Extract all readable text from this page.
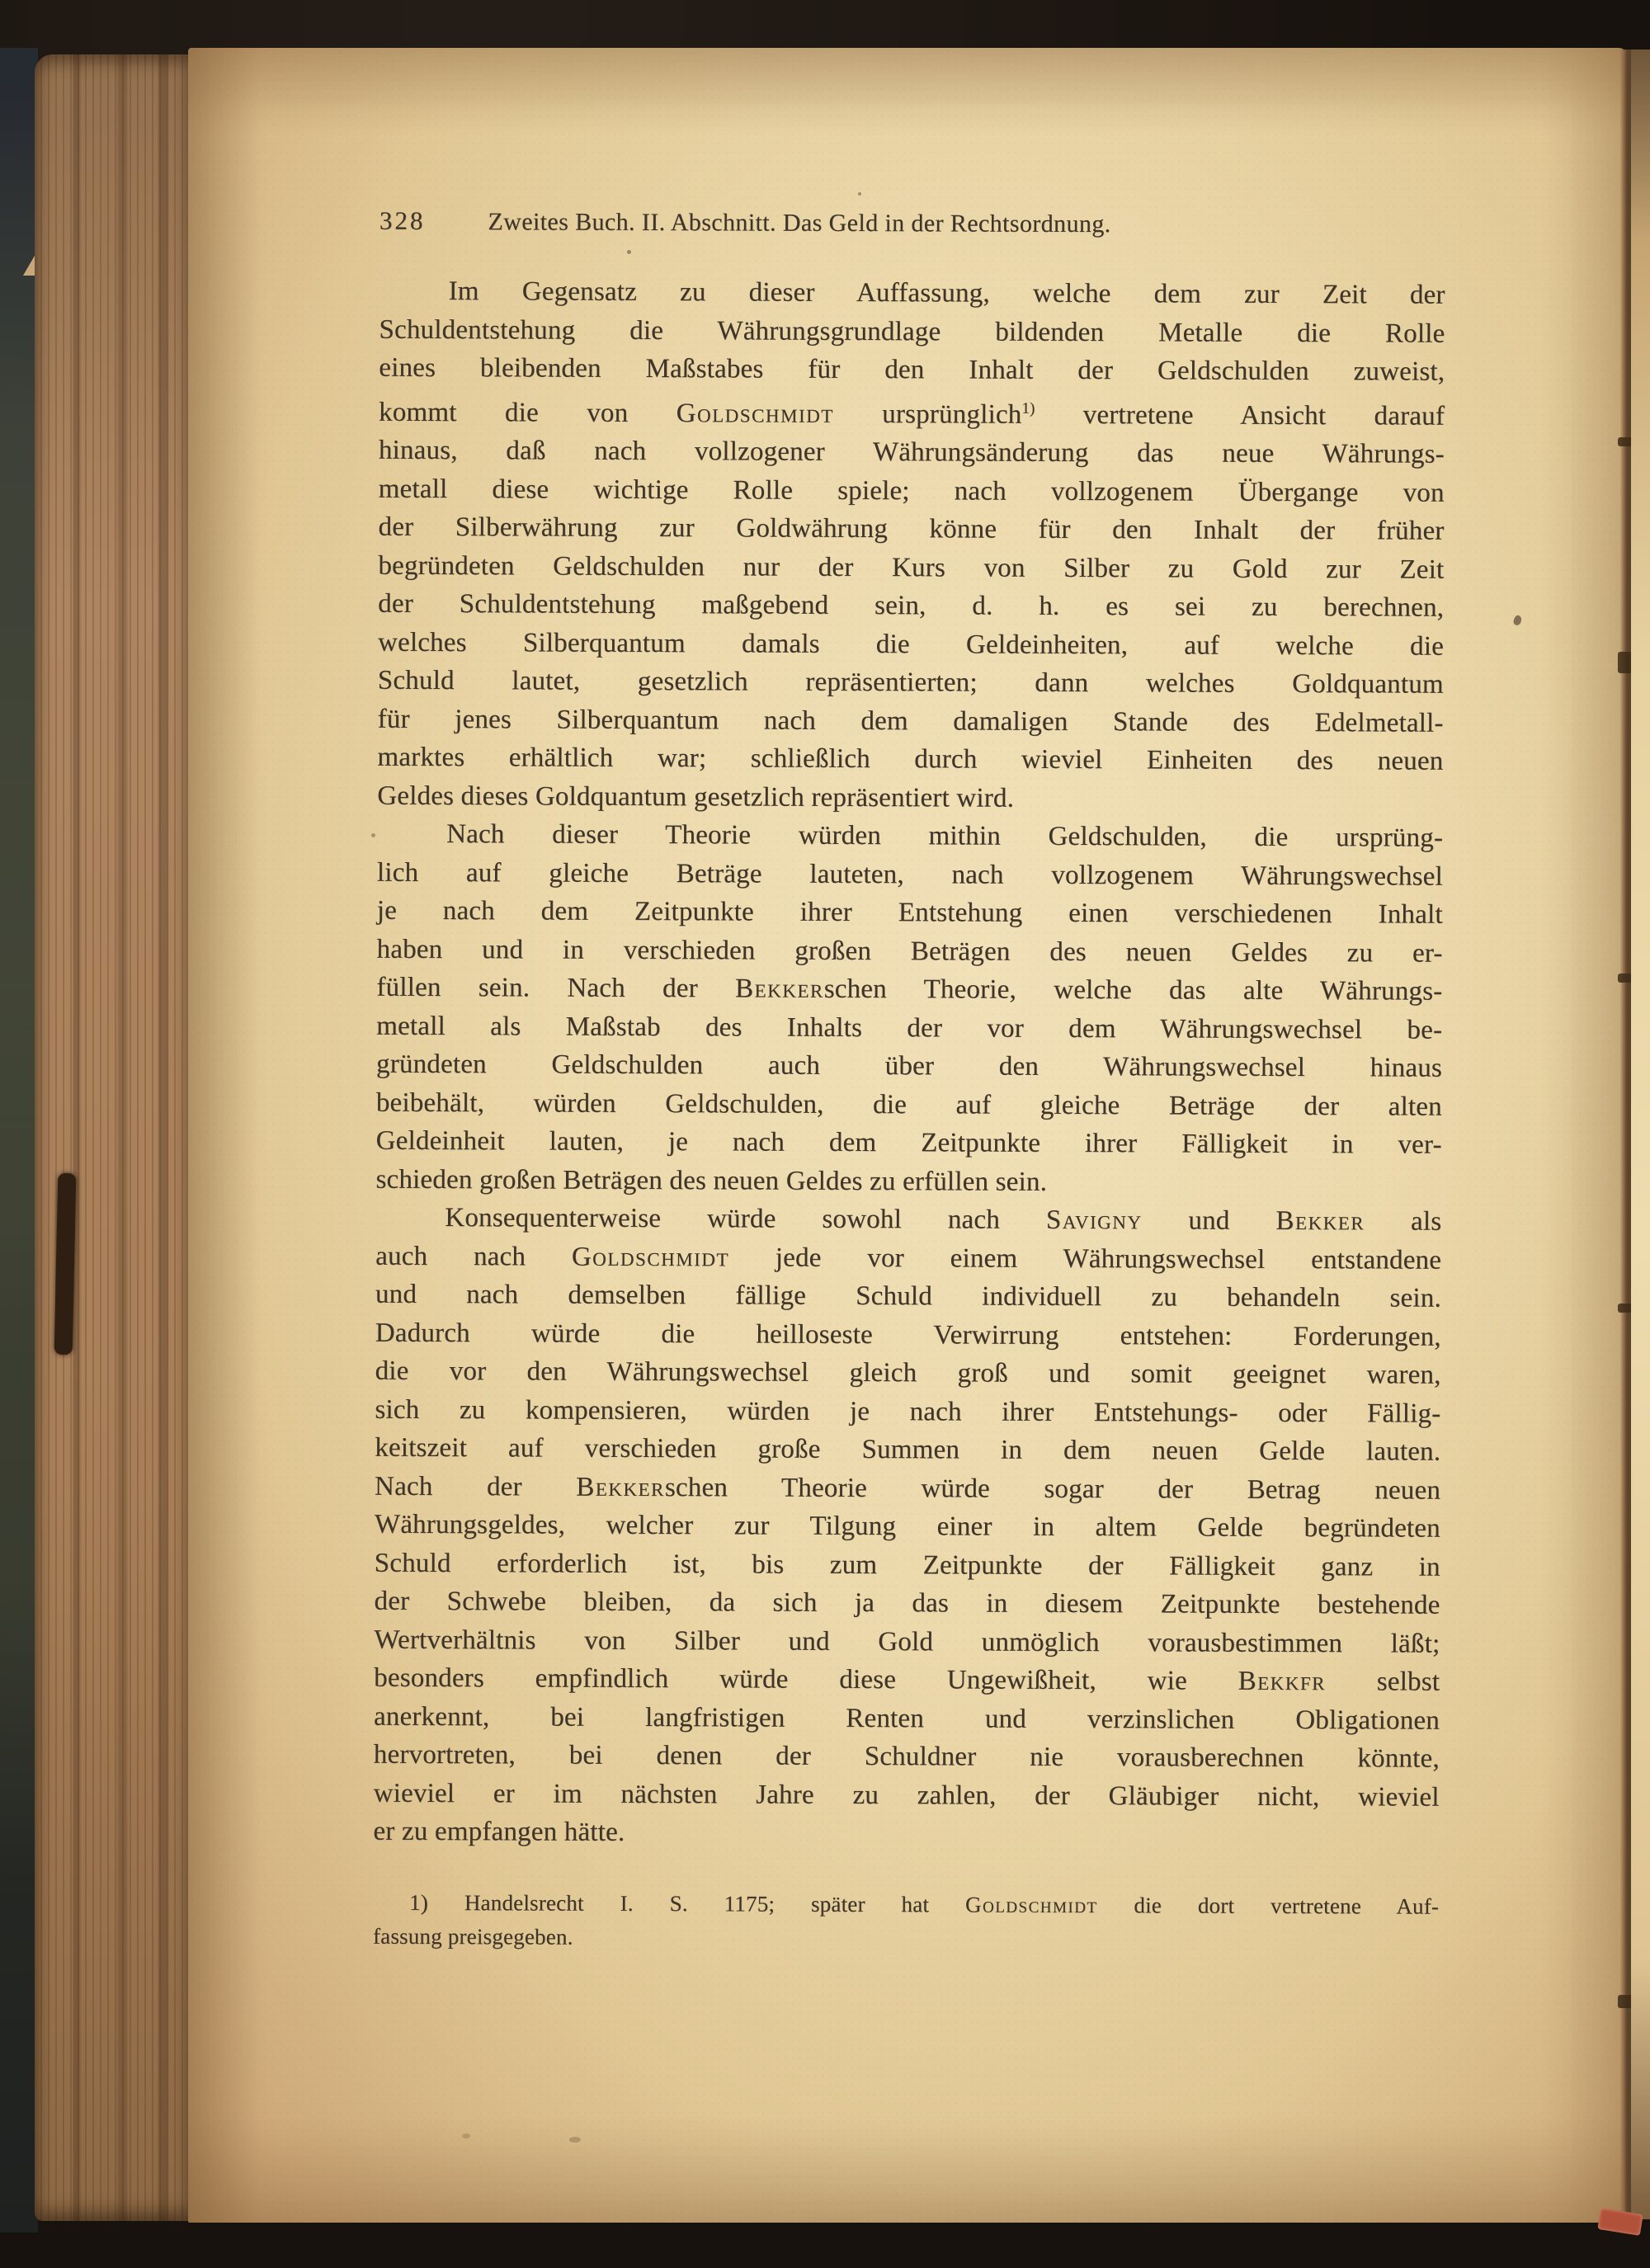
328	Zweites Buch. II. Abschnitt. Das Geld in der Rechtsordnung.
Im Gegensatz zu dieser Auffassung, welche dem zur Zeit der
Schuldentstehung die Währungsgrundlage bildenden Metalle die Rolle
eines bleibenden Maßstabes für den Inhalt der Geldschulden zuweist,
kommt die von Goldschmidt ursprünglich$^{1)}$ vertretene Ansicht darauf
hinaus, daß nach vollzogener Währungsänderung das neue Währungs-
metall diese wichtige Rolle spiele; nach vollzogenem Übergange von
der Silberwährung zur Goldwährung könne für den Inhalt der früher
begründeten Geldschulden nur der Kurs von Silber zu Gold zur Zeit
der Schuldentstehung maßgebend sein, d. h. es sei zu berechnen,
welches Silberquantum damals die Geldeinheiten, auf welche die
Schuld lautet, gesetzlich repräsentierten; dann welches Goldquantum
für jenes Silberquantum nach dem damaligen Stande des Edelmetall-
marktes erhältlich war; schließlich durch wieviel Einheiten des neuen
Geldes dieses Goldquantum gesetzlich repräsentiert wird.
Nach dieser Theorie würden mithin Geldschulden, die ursprüng-
lich auf gleiche Beträge lauteten, nach vollzogenem Währungswechsel
je nach dem Zeitpunkte ihrer Entstehung einen verschiedenen Inhalt
haben und in verschieden großen Beträgen des neuen Geldes zu er-
füllen sein. Nach der Bekkerschen Theorie, welche das alte Währungs-
metall als Maßstab des Inhalts der vor dem Währungswechsel be-
gründeten Geldschulden auch über den Währungswechsel hinaus
beibehält, würden Geldschulden, die auf gleiche Beträge der alten
Geldeinheit lauten, je nach dem Zeitpunkte ihrer Fälligkeit in ver-
schieden großen Beträgen des neuen Geldes zu erfüllen sein.
Konsequenterweise würde sowohl nach Savigny und Bekker als
auch nach Goldschmidt jede vor einem Währungswechsel entstandene
und nach demselben fällige Schuld individuell zu behandeln sein.
Dadurch würde die heilloseste Verwirrung entstehen: Forderungen,
die vor den Währungswechsel gleich groß und somit geeignet waren,
sich zu kompensieren, würden je nach ihrer Entstehungs- oder Fällig-
keitszeit auf verschieden große Summen in dem neuen Gelde lauten.
Nach der Bekkerschen Theorie würde sogar der Betrag neuen
Währungsgeldes, welcher zur Tilgung einer in altem Gelde begründeten
Schuld erforderlich ist, bis zum Zeitpunkte der Fälligkeit ganz in
der Schwebe bleiben, da sich ja das in diesem Zeitpunkte bestehende
Wertverhältnis von Silber und Gold unmöglich vorausbestimmen läßt;
besonders empfindlich würde diese Ungewißheit, wie Bekkfr selbst
anerkennt, bei langfristigen Renten und verzinslichen Obligationen
hervortreten, bei denen der Schuldner nie vorausberechnen könnte,
wieviel er im nächsten Jahre zu zahlen, der Gläubiger nicht, wieviel
er zu empfangen hätte.
1) Handelsrecht I. S. 1175; später hat Goldschmidt die dort vertretene Auf-
fassung preisgegeben.
